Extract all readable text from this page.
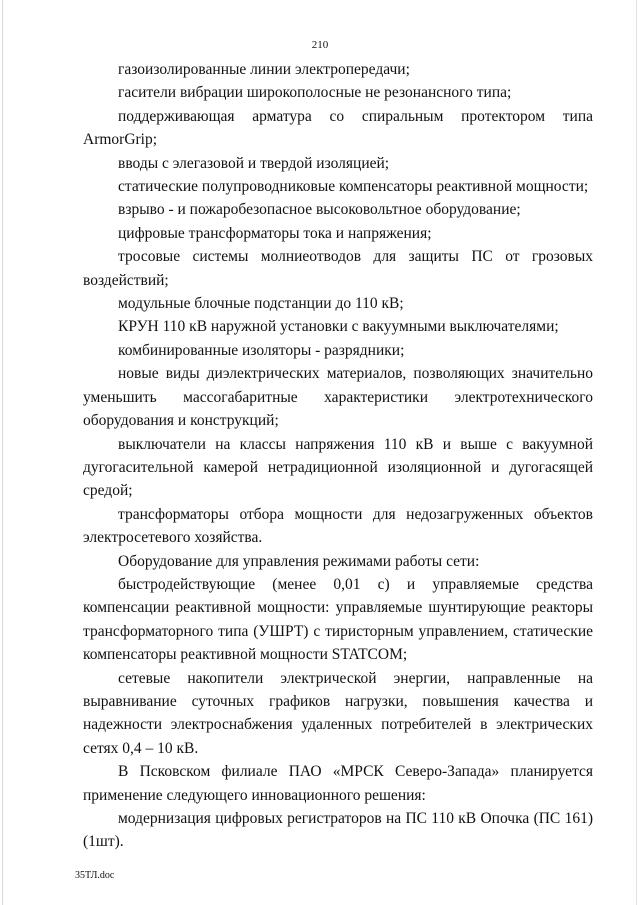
210

газоизолированные линии электропередачи;

гасители вибрации широкополосные не резонансного типа;

поддерживающая арматура со спиральным протектором типа ArmorGrip;

вводы с элегазовой и твердой изоляцией;

статические полупроводниковые компенсаторы реактивной мощности;

взрыво - и пожаробезопасное высоковольтное оборудование;

цифровые трансформаторы тока и напряжения;

тросовые системы молниеотводов для защиты ПС от грозовых воздействий;

модульные блочные подстанции до 110 кВ;

КРУН 110 кВ наружной установки с вакуумными выключателями;

комбинированные изоляторы - разрядники;

новые виды диэлектрических материалов, позволяющих значительно уменьшить массогабаритные характеристики электротехнического оборудования и конструкций;

выключатели на классы напряжения 110 кВ и выше с вакуумной дугогасительной камерой нетрадиционной изоляционной и дугогасящей средой;

трансформаторы отбора мощности для недозагруженных объектов электросетевого хозяйства.

Оборудование для управления режимами работы сети:

быстродействующие (менее 0,01 с) и управляемые средства компенсации реактивной мощности: управляемые шунтирующие реакторы трансформаторного типа (УШРТ) с тиристорным управлением, статические компенсаторы реактивной мощности STATCOM;

сетевые накопители электрической энергии, направленные на выравнивание суточных графиков нагрузки, повышения качества и надежности электроснабжения удаленных потребителей в электрических сетях 0,4 – 10 кВ.

В Псковском филиале ПАО «МРСК Северо-Запада» планируется применение следующего инновационного решения:

модернизация цифровых регистраторов на ПС 110 кВ Опочка (ПС 161) (1шт).

35ТЛ.doc
